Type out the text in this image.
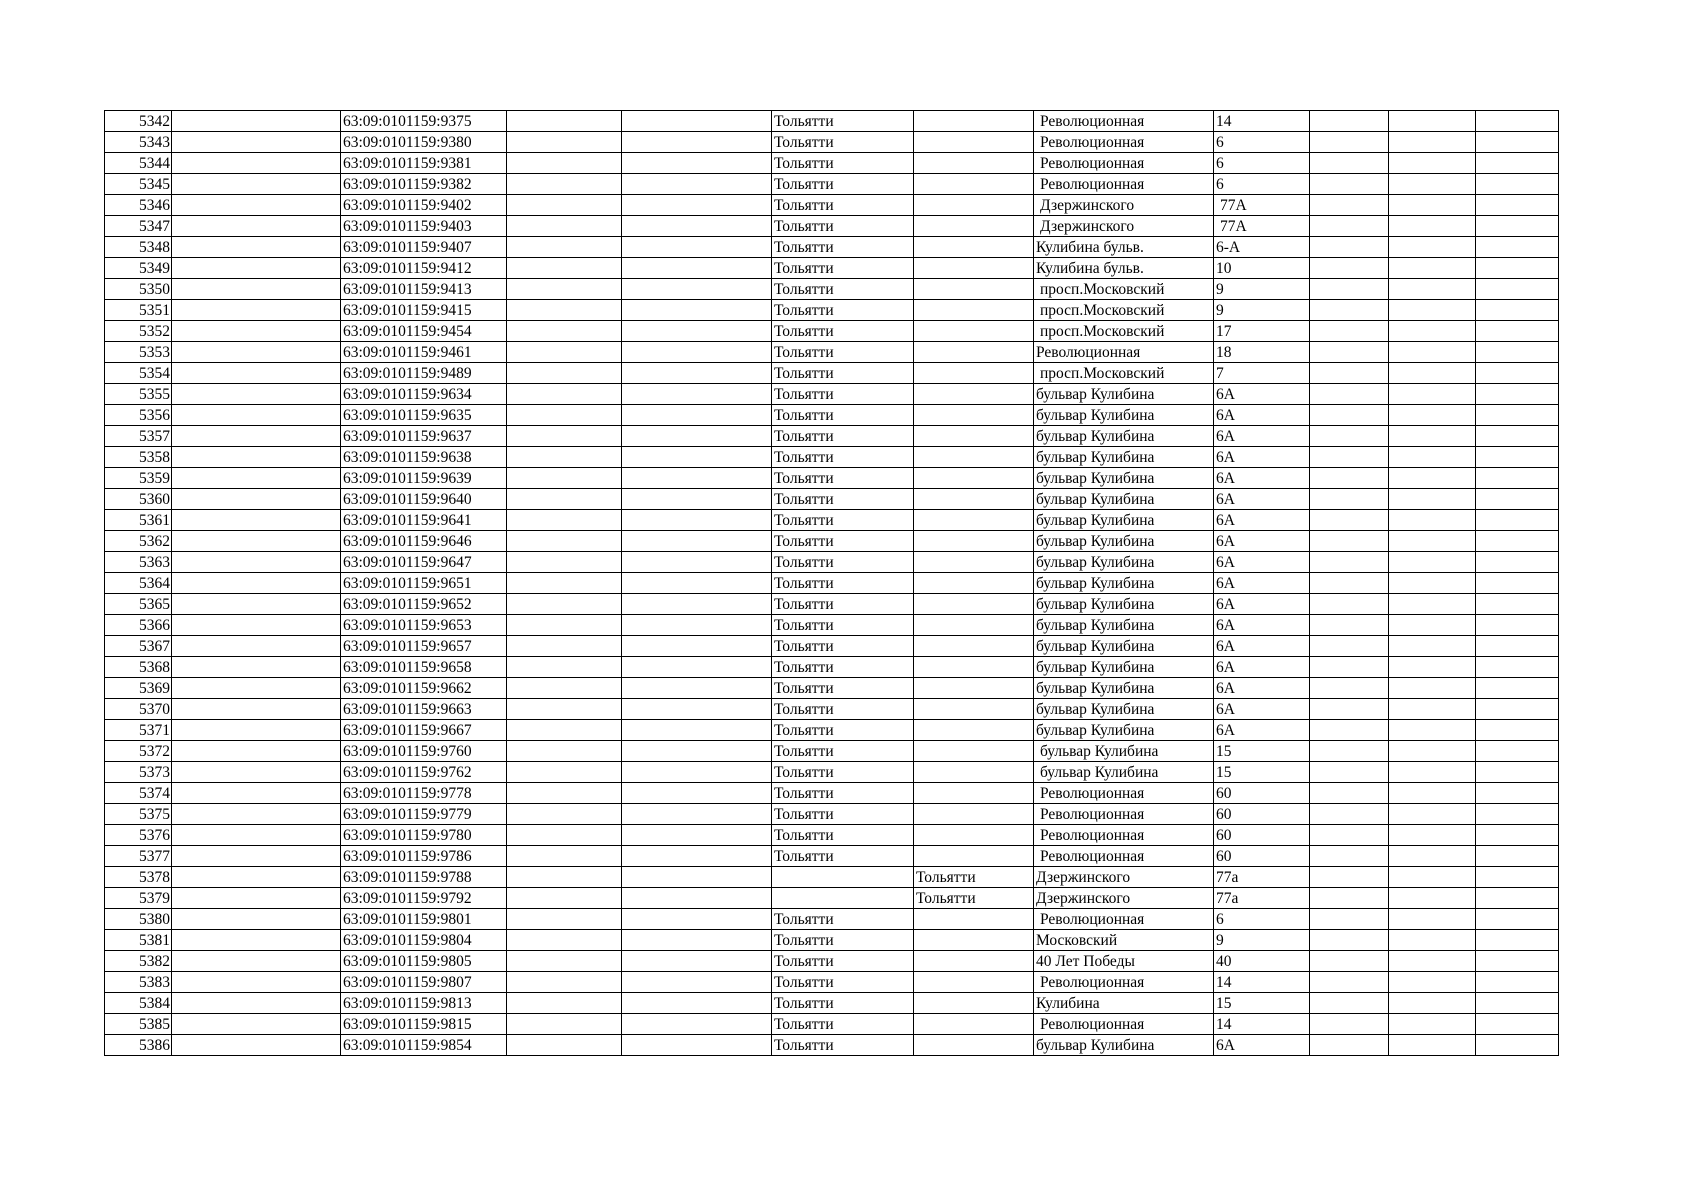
5342		63:09:0101159:9375			Тольятти		Революционная	14			
5343		63:09:0101159:9380			Тольятти		Революционная	6			
5344		63:09:0101159:9381			Тольятти		Революционная	6			
5345		63:09:0101159:9382			Тольятти		Революционная	6			
5346		63:09:0101159:9402			Тольятти		Дзержинского	77А			
5347		63:09:0101159:9403			Тольятти		Дзержинского	77А			
5348		63:09:0101159:9407			Тольятти		Кулибина бульв.	6-А			
5349		63:09:0101159:9412			Тольятти		Кулибина бульв.	10			
5350		63:09:0101159:9413			Тольятти		просп.Московский	9			
5351		63:09:0101159:9415			Тольятти		просп.Московский	9			
5352		63:09:0101159:9454			Тольятти		просп.Московский	17			
5353		63:09:0101159:9461			Тольятти		Революционная	18			
5354		63:09:0101159:9489			Тольятти		просп.Московский	7			
5355		63:09:0101159:9634			Тольятти		бульвар Кулибина	6А			
5356		63:09:0101159:9635			Тольятти		бульвар Кулибина	6А			
5357		63:09:0101159:9637			Тольятти		бульвар Кулибина	6А			
5358		63:09:0101159:9638			Тольятти		бульвар Кулибина	6А			
5359		63:09:0101159:9639			Тольятти		бульвар Кулибина	6А			
5360		63:09:0101159:9640			Тольятти		бульвар Кулибина	6А			
5361		63:09:0101159:9641			Тольятти		бульвар Кулибина	6А			
5362		63:09:0101159:9646			Тольятти		бульвар Кулибина	6А			
5363		63:09:0101159:9647			Тольятти		бульвар Кулибина	6А			
5364		63:09:0101159:9651			Тольятти		бульвар Кулибина	6А			
5365		63:09:0101159:9652			Тольятти		бульвар Кулибина	6А			
5366		63:09:0101159:9653			Тольятти		бульвар Кулибина	6А			
5367		63:09:0101159:9657			Тольятти		бульвар Кулибина	6А			
5368		63:09:0101159:9658			Тольятти		бульвар Кулибина	6А			
5369		63:09:0101159:9662			Тольятти		бульвар Кулибина	6А			
5370		63:09:0101159:9663			Тольятти		бульвар Кулибина	6А			
5371		63:09:0101159:9667			Тольятти		бульвар Кулибина	6А			
5372		63:09:0101159:9760			Тольятти		бульвар Кулибина	15			
5373		63:09:0101159:9762			Тольятти		бульвар Кулибина	15			
5374		63:09:0101159:9778			Тольятти		Революционная	60			
5375		63:09:0101159:9779			Тольятти		Революционная	60			
5376		63:09:0101159:9780			Тольятти		Революционная	60			
5377		63:09:0101159:9786			Тольятти		Революционная	60			
5378		63:09:0101159:9788				Тольятти	Дзержинского	77а			
5379		63:09:0101159:9792				Тольятти	Дзержинского	77а			
5380		63:09:0101159:9801			Тольятти		Революционная	6			
5381		63:09:0101159:9804			Тольятти		Московский	9			
5382		63:09:0101159:9805			Тольятти		40 Лет Победы	40			
5383		63:09:0101159:9807			Тольятти		Революционная	14			
5384		63:09:0101159:9813			Тольятти		Кулибина	15			
5385		63:09:0101159:9815			Тольятти		Революционная	14			
5386		63:09:0101159:9854			Тольятти		бульвар Кулибина	6А			
